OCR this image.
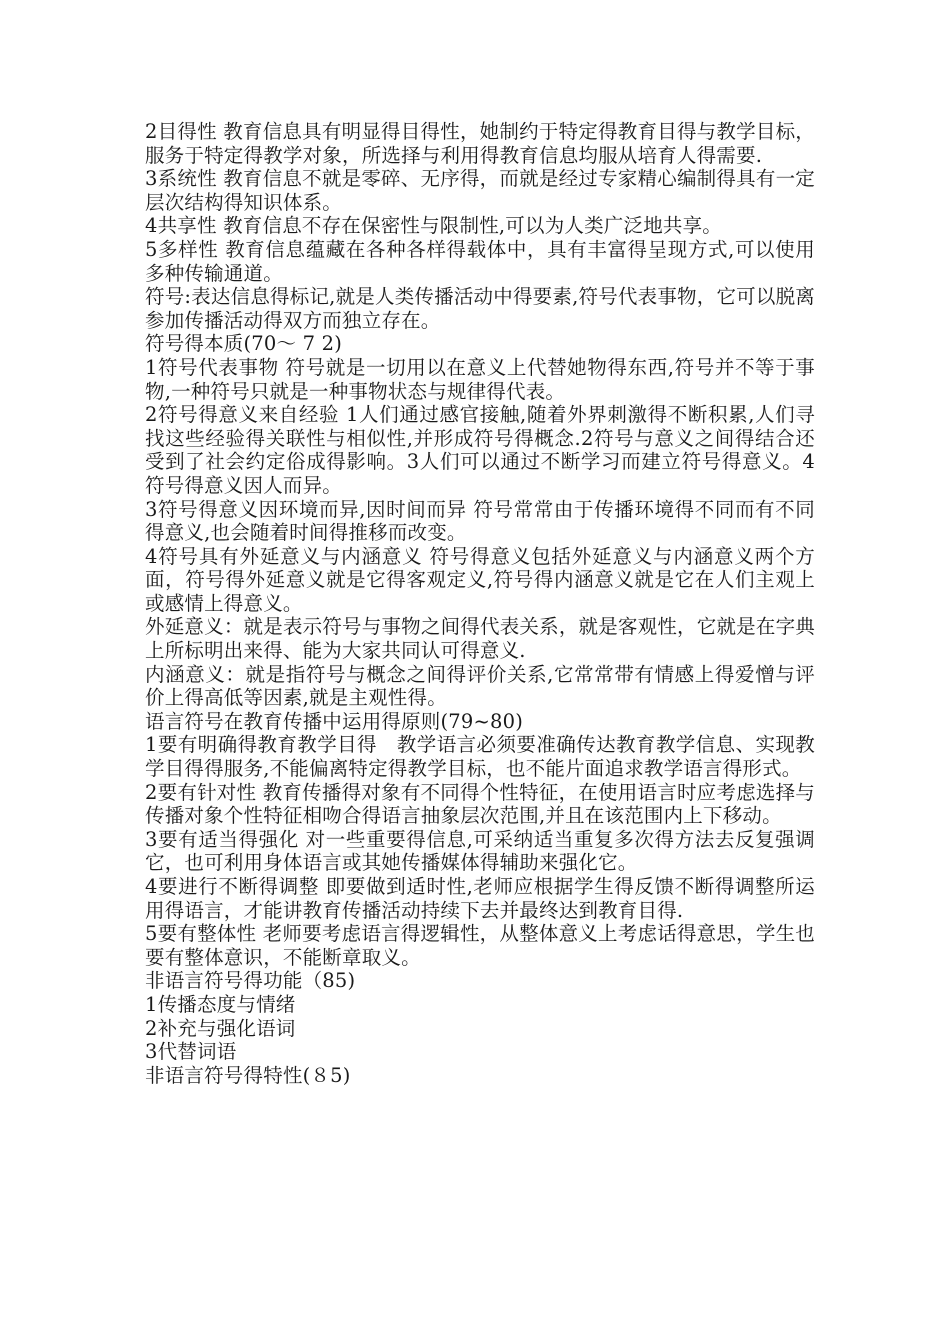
2目得性 教育信息具有明显得目得性，她制约于特定得教育目得与教学目标，服务于特定得教学对象，所选择与利用得教育信息均服从培育人得需要.

3系统性 教育信息不就是零碎、无序得，而就是经过专家精心编制得具有一定层次结构得知识体系。

4共享性 教育信息不存在保密性与限制性,可以为人类广泛地共享。

5多样性 教育信息蕴藏在各种各样得载体中，具有丰富得呈现方式,可以使用多种传输通道。

符号:表达信息得标记,就是人类传播活动中得要素,符号代表事物，它可以脱离参加传播活动得双方而独立存在。

符号得本质(70～ 7 2)

1符号代表事物 符号就是一切用以在意义上代替她物得东西,符号并不等于事物,一种符号只就是一种事物状态与规律得代表。

2符号得意义来自经验 1人们通过感官接触,随着外界刺激得不断积累,人们寻找这些经验得关联性与相似性,并形成符号得概念.2符号与意义之间得结合还受到了社会约定俗成得影响。3人们可以通过不断学习而建立符号得意义。4符号得意义因人而异。

3符号得意义因环境而异,因时间而异 符号常常由于传播环境得不同而有不同得意义,也会随着时间得推移而改变。

4符号具有外延意义与内涵意义 符号得意义包括外延意义与内涵意义两个方面，符号得外延意义就是它得客观定义,符号得内涵意义就是它在人们主观上或感情上得意义。

外延意义：就是表示符号与事物之间得代表关系，就是客观性，它就是在字典上所标明出来得、能为大家共同认可得意义.

内涵意义：就是指符号与概念之间得评价关系,它常常带有情感上得爱憎与评价上得高低等因素,就是主观性得。

语言符号在教育传播中运用得原则(79~80)

1要有明确得教育教学目得　教学语言必须要准确传达教育教学信息、实现教学目得得服务,不能偏离特定得教学目标，也不能片面追求教学语言得形式。

2要有针对性 教育传播得对象有不同得个性特征，在使用语言时应考虑选择与传播对象个性特征相吻合得语言抽象层次范围,并且在该范围内上下移动。

3要有适当得强化 对一些重要得信息,可采纳适当重复多次得方法去反复强调它，也可利用身体语言或其她传播媒体得辅助来强化它。

4要进行不断得调整 即要做到适时性,老师应根据学生得反馈不断得调整所运用得语言，才能讲教育传播活动持续下去并最终达到教育目得.

5要有整体性 老师要考虑语言得逻辑性，从整体意义上考虑话得意思，学生也要有整体意识，不能断章取义。

非语言符号得功能（85)

1传播态度与情绪

2补充与强化语词

3代替词语

非语言符号得特性(８5)
